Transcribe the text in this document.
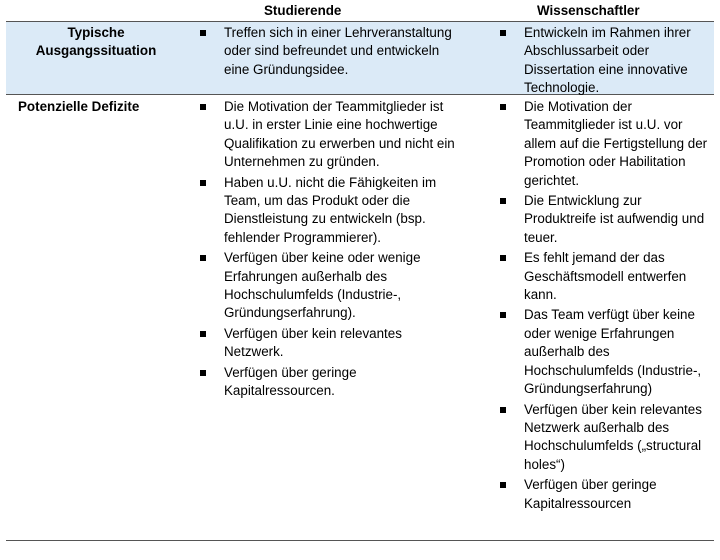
Studierende	Wissenschaftler
Typische Ausgangssituation
Treffen sich in einer Lehrveranstaltung oder sind befreundet und entwickeln eine Gründungsidee.
Entwickeln im Rahmen ihrer Abschlussarbeit oder Dissertation eine innovative Technologie.
Potenzielle Defizite	Die Motivation der Teammitglieder ist u.U. in erster Linie eine hochwertige Qualifikation zu erwerben und nicht ein Unternehmen zu gründen.
Haben u.U. nicht die Fähigkeiten im Team, um das Produkt oder die Dienstleistung zu entwickeln (bsp. fehlender Programmierer).
Verfügen über keine oder wenige Erfahrungen außerhalb des Hochschulumfelds (Industrie-, Gründungserfahrung).
Verfügen über kein relevantes Netzwerk.
Verfügen über geringe Kapitalressourcen.
Die Motivation der Teammitglieder ist u.U. vor allem auf die Fertigstellung der Promotion oder Habilitation gerichtet.
Die Entwicklung zur Produktreife ist aufwendig und teuer.
Es fehlt jemand der das Geschäftsmodell entwerfen kann.
Das Team verfügt über keine oder wenige Erfahrungen außerhalb des Hochschulumfelds (Industrie-, Gründungserfahrung)
Verfügen über kein relevantes Netzwerk außerhalb des Hochschulumfelds („structural holes“)
Verfügen über geringe Kapitalressourcen
